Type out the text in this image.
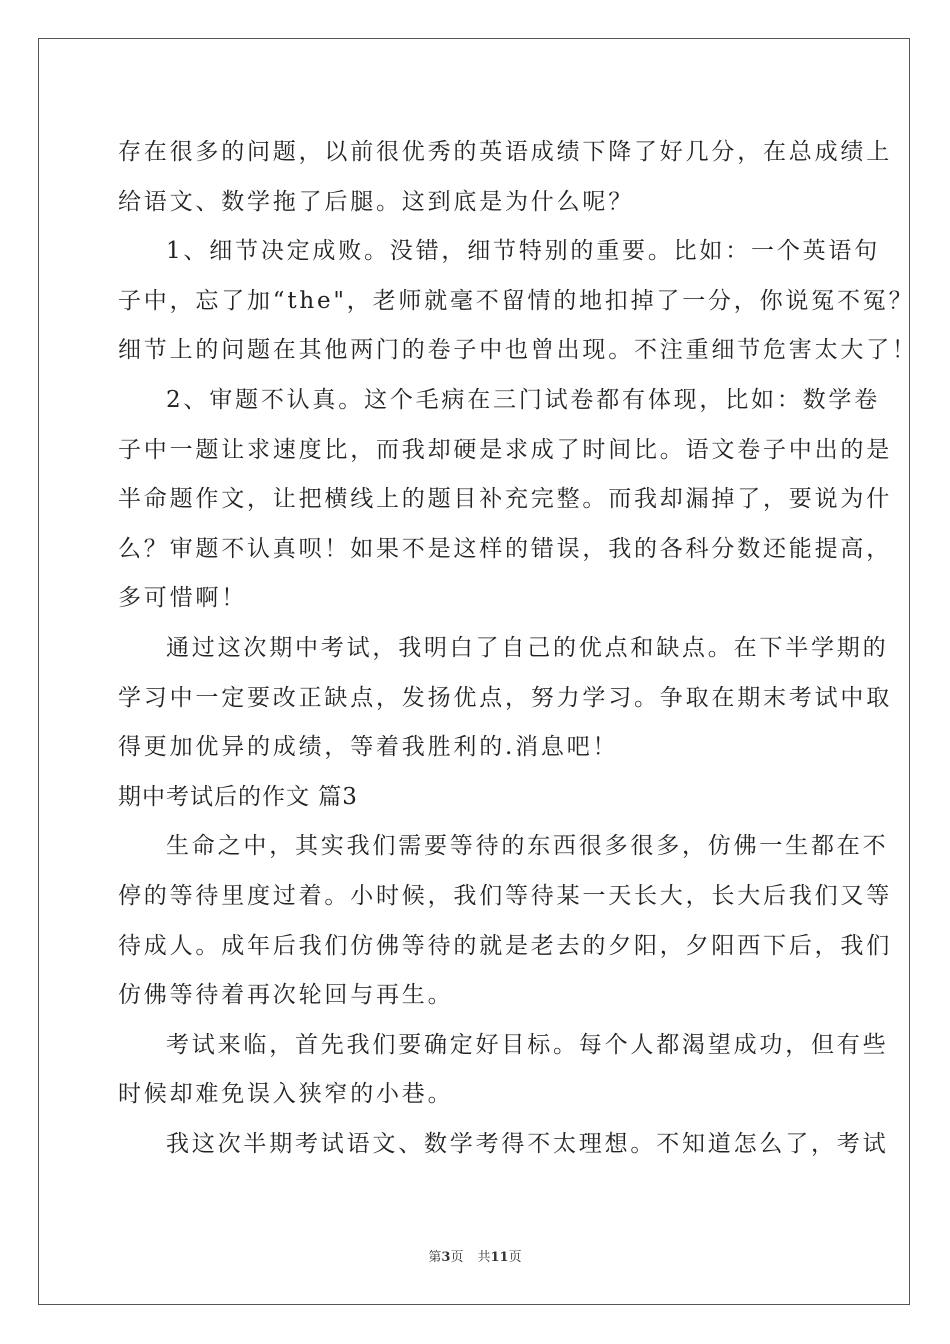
存在很多的问题，以前很优秀的英语成绩下降了好几分，在总成绩上
给语文、数学拖了后腿。这到底是为什么呢？
1、细节决定成败。没错，细节特别的重要。比如：一个英语句
子中，忘了加“the"，老师就毫不留情的地扣掉了一分，你说冤不冤？
细节上的问题在其他两门的卷子中也曾出现。不注重细节危害太大了！
2、审题不认真。这个毛病在三门试卷都有体现，比如：数学卷
子中一题让求速度比，而我却硬是求成了时间比。语文卷子中出的是
半命题作文，让把横线上的题目补充完整。而我却漏掉了，要说为什
么？审题不认真呗！如果不是这样的错误，我的各科分数还能提高，
多可惜啊！
通过这次期中考试，我明白了自己的优点和缺点。在下半学期的
学习中一定要改正缺点，发扬优点，努力学习。争取在期末考试中取
得更加优异的成绩，等着我胜利的.消息吧！

期中考试后的作文 篇3

生命之中，其实我们需要等待的东西很多很多，仿佛一生都在不
停的等待里度过着。小时候，我们等待某一天长大，长大后我们又等
待成人。成年后我们仿佛等待的就是老去的夕阳，夕阳西下后，我们
仿佛等待着再次轮回与再生。
考试来临，首先我们要确定好目标。每个人都渴望成功，但有些
时候却难免误入狭窄的小巷。
我这次半期考试语文、数学考得不太理想。不知道怎么了，考试
第3页 共11页
